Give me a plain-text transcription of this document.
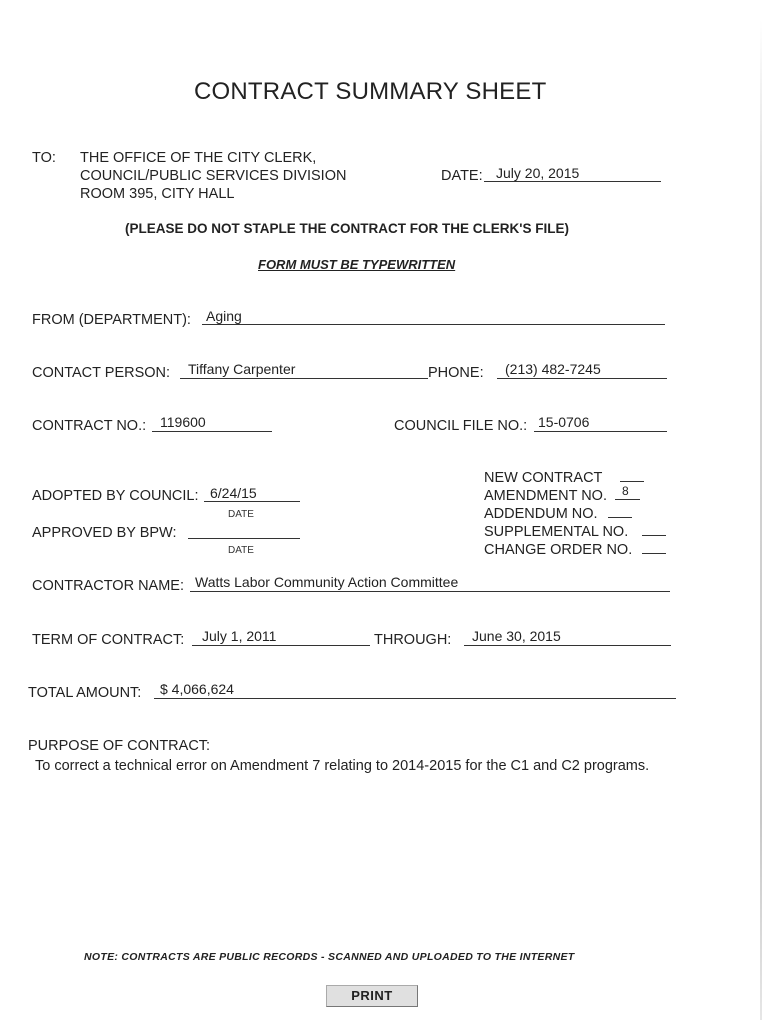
CONTRACT SUMMARY SHEET
TO: THE OFFICE OF THE CITY CLERK,
COUNCIL/PUBLIC SERVICES DIVISION
ROOM 395, CITY HALL
DATE: July 20, 2015
(PLEASE DO NOT STAPLE THE CONTRACT FOR THE CLERK'S FILE)
FORM MUST BE TYPEWRITTEN
FROM (DEPARTMENT): Aging
CONTACT PERSON: Tiffany Carpenter	PHONE: (213) 482-7245
CONTRACT NO.: 119600	COUNCIL FILE NO.: 15-0706
ADOPTED BY COUNCIL: 6/24/15
DATE
APPROVED BY BPW:
DATE
NEW CONTRACT
AMENDMENT NO. 8
ADDENDUM NO.
SUPPLEMENTAL NO.
CHANGE ORDER NO.
CONTRACTOR NAME: Watts Labor Community Action Committee
TERM OF CONTRACT: July 1, 2011	THROUGH: June 30, 2015
TOTAL AMOUNT: $ 4,066,624
PURPOSE OF CONTRACT:
To correct a technical error on Amendment 7 relating to 2014-2015 for the C1 and C2 programs.
NOTE: CONTRACTS ARE PUBLIC RECORDS - SCANNED AND UPLOADED TO THE INTERNET
PRINT
